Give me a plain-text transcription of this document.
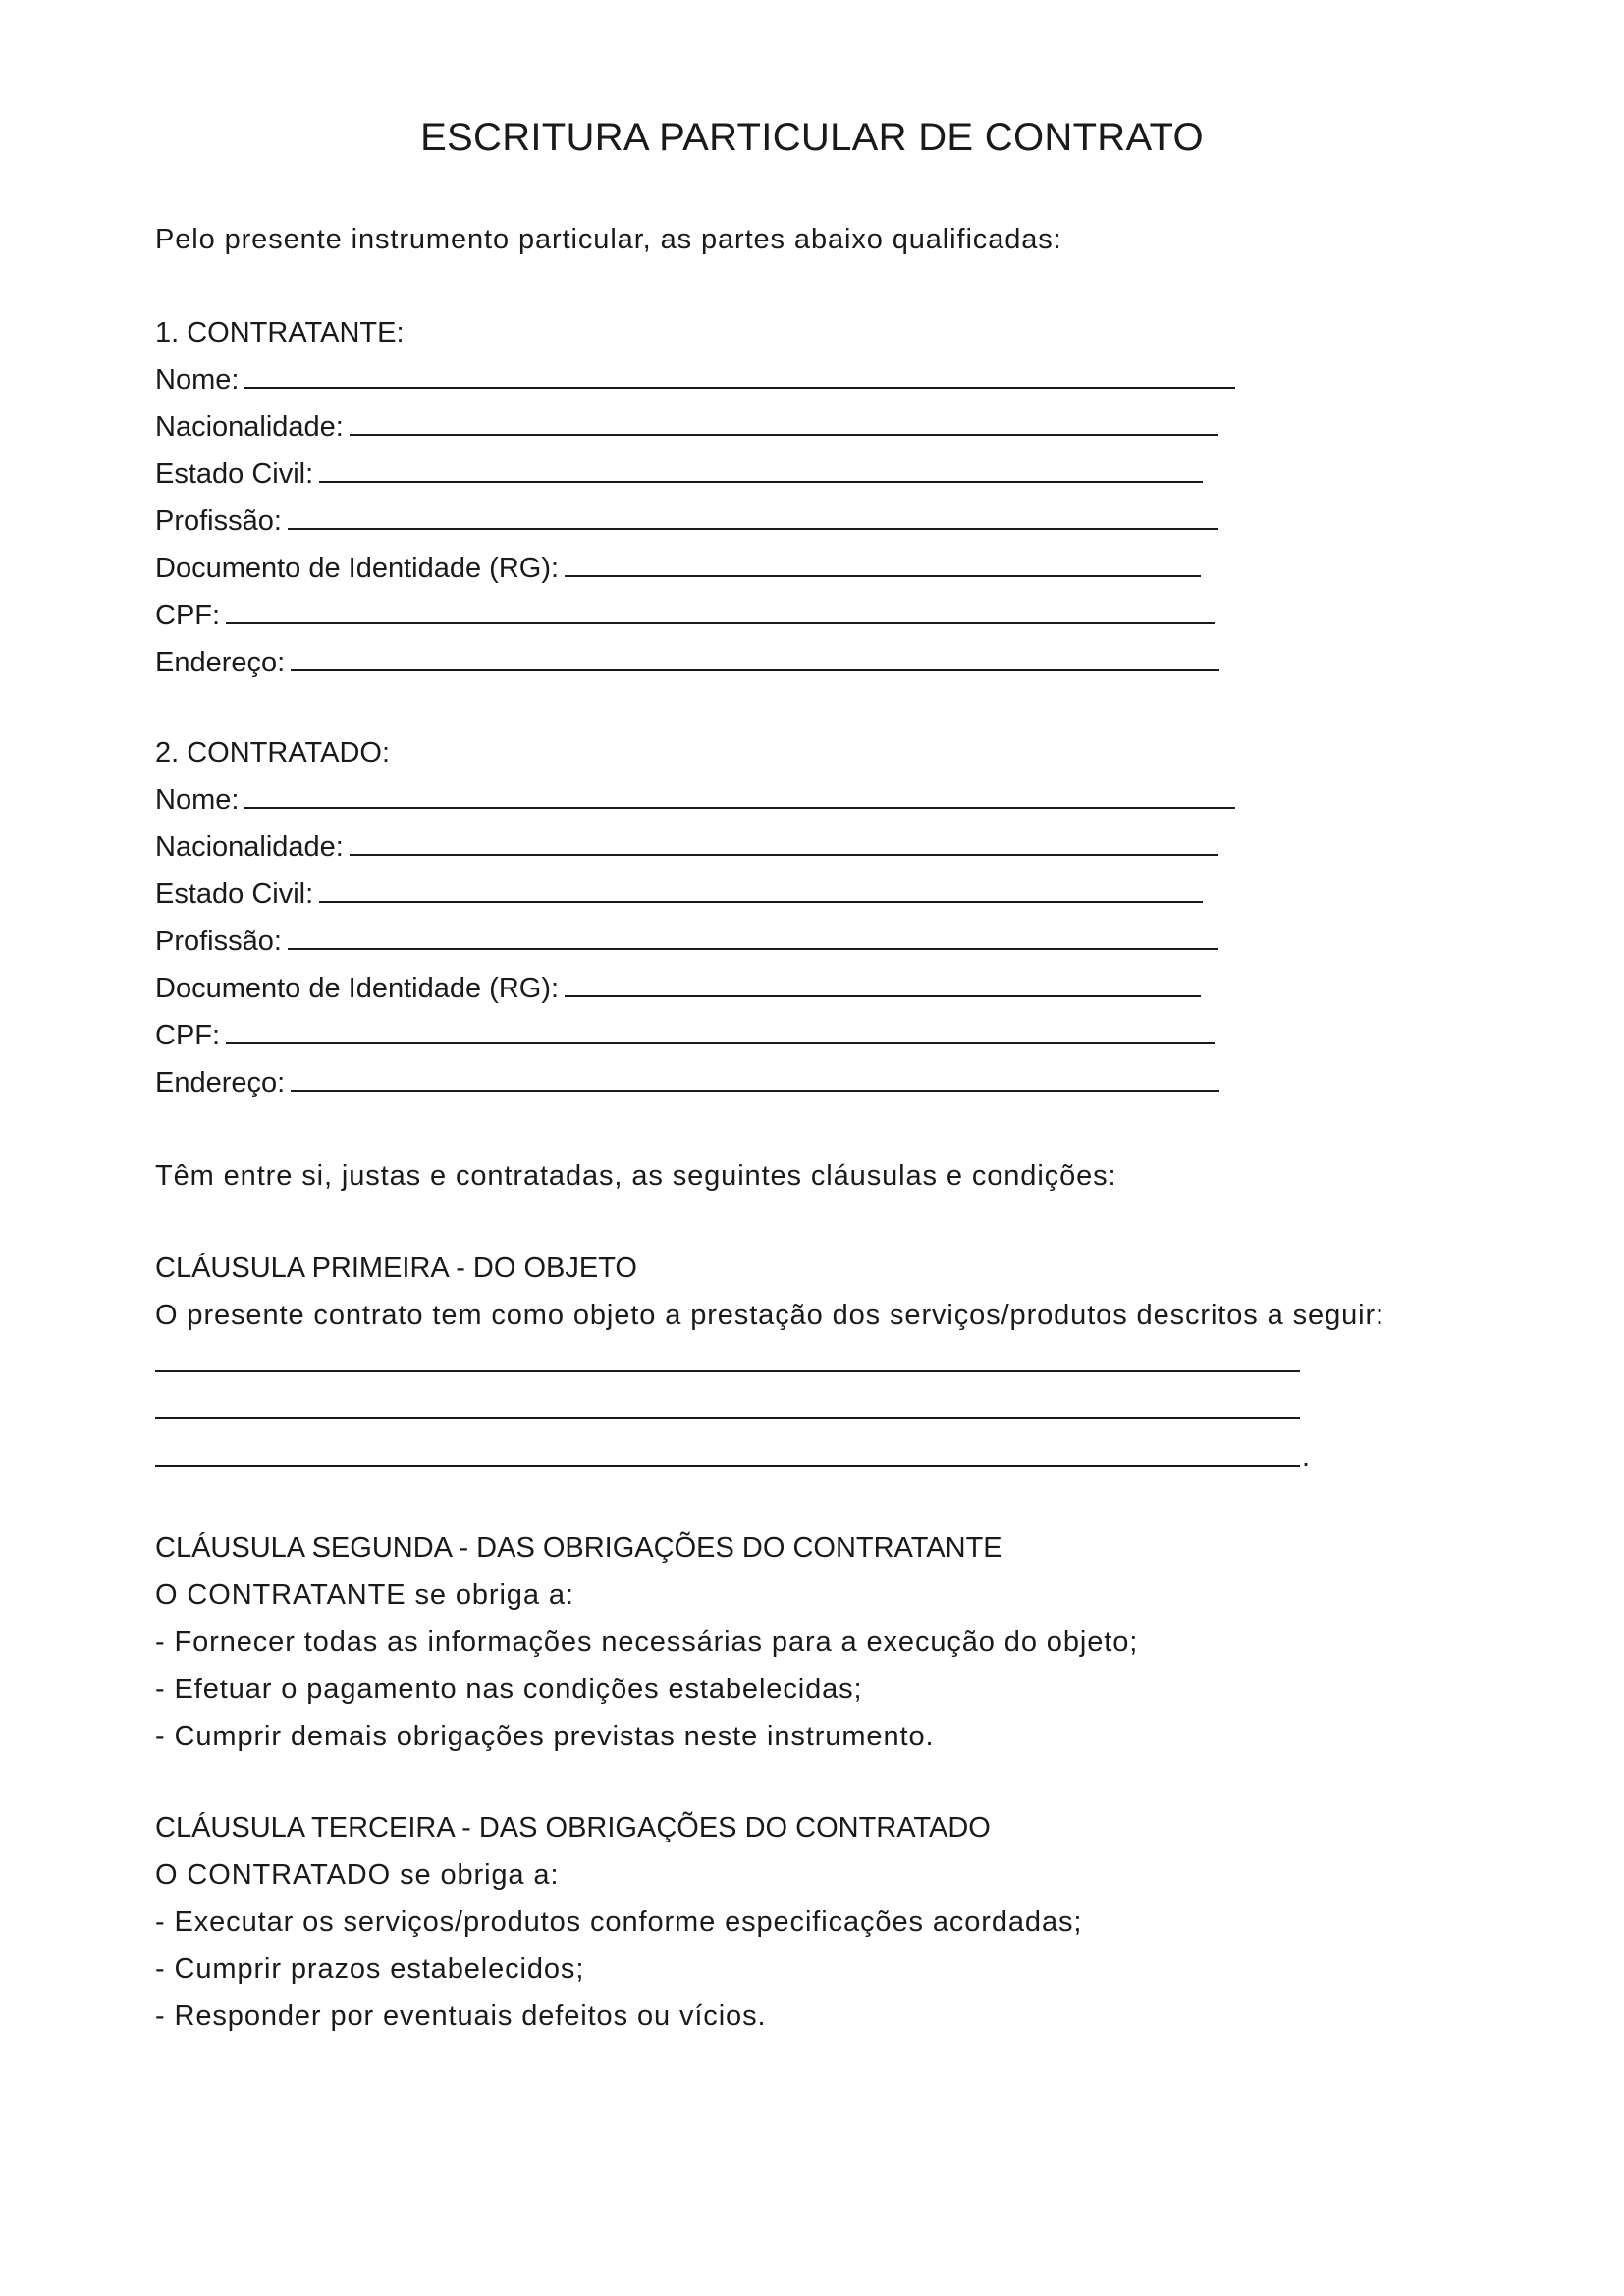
ESCRITURA PARTICULAR DE CONTRATO
Pelo presente instrumento particular, as partes abaixo qualificadas:
1. CONTRATANTE:
Nome:
Nacionalidade:
Estado Civil:
Profissão:
Documento de Identidade (RG):
CPF:
Endereço:
2. CONTRATADO:
Nome:
Nacionalidade:
Estado Civil:
Profissão:
Documento de Identidade (RG):
CPF:
Endereço:
Têm entre si, justas e contratadas, as seguintes cláusulas e condições:
CLÁUSULA PRIMEIRA - DO OBJETO
O presente contrato tem como objeto a prestação dos serviços/produtos descritos a seguir:
.
CLÁUSULA SEGUNDA - DAS OBRIGAÇÕES DO CONTRATANTE
O CONTRATANTE se obriga a:
- Fornecer todas as informações necessárias para a execução do objeto;
- Efetuar o pagamento nas condições estabelecidas;
- Cumprir demais obrigações previstas neste instrumento.
CLÁUSULA TERCEIRA - DAS OBRIGAÇÕES DO CONTRATADO
O CONTRATADO se obriga a:
- Executar os serviços/produtos conforme especificações acordadas;
- Cumprir prazos estabelecidos;
- Responder por eventuais defeitos ou vícios.
